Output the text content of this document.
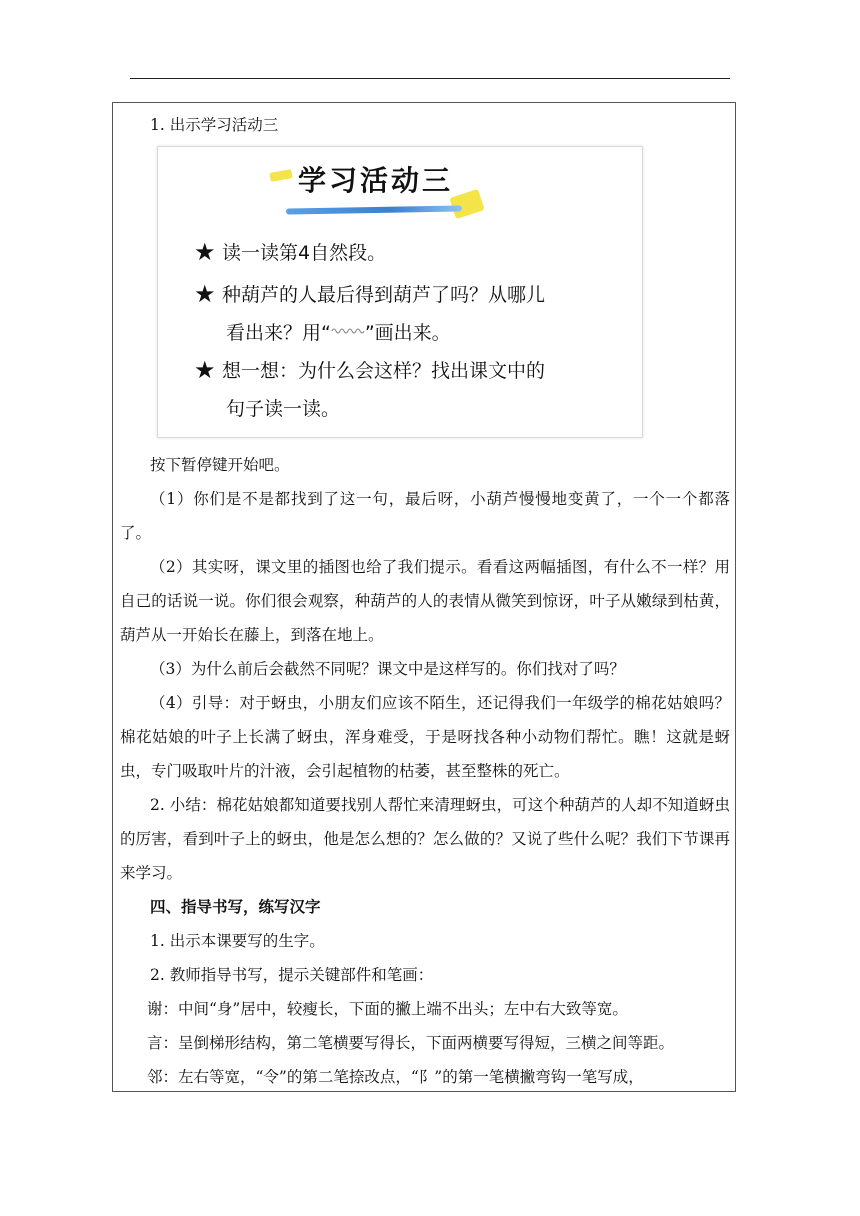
1. 出示学习活动三

学习活动三
★ 读一读第4自然段。
★ 种葫芦的人最后得到葫芦了吗？从哪儿
看出来？用“ ”画出来。
★ 想一想：为什么会这样？找出课文中的
句子读一读。

按下暂停键开始吧。

（1）你们是不是都找到了这一句，最后呀，小葫芦慢慢地变黄了，一个一个都落了。

（2）其实呀，课文里的插图也给了我们提示。看看这两幅插图，有什么不一样？用自己的话说一说。你们很会观察，种葫芦的人的表情从微笑到惊讶，叶子从嫩绿到枯黄，葫芦从一开始长在藤上，到落在地上。

（3）为什么前后会截然不同呢？课文中是这样写的。你们找对了吗？

（4）引导：对于蚜虫，小朋友们应该不陌生，还记得我们一年级学的棉花姑娘吗？棉花姑娘的叶子上长满了蚜虫，浑身难受，于是呀找各种小动物们帮忙。瞧！这就是蚜虫，专门吸取叶片的汁液，会引起植物的枯萎，甚至整株的死亡。

2. 小结：棉花姑娘都知道要找别人帮忙来清理蚜虫，可这个种葫芦的人却不知道蚜虫的厉害，看到叶子上的蚜虫，他是怎么想的？怎么做的？又说了些什么呢？我们下节课再来学习。

四、指导书写，练写汉字

1. 出示本课要写的生字。

2. 教师指导书写，提示关键部件和笔画：

谢：中间“身”居中，较瘦长，下面的撇上端不出头；左中右大致等宽。

言：呈倒梯形结构，第二笔横要写得长，下面两横要写得短，三横之间等距。

邻：左右等宽，“令”的第二笔捺改点，“阝”的第一笔横撇弯钩一笔写成，
